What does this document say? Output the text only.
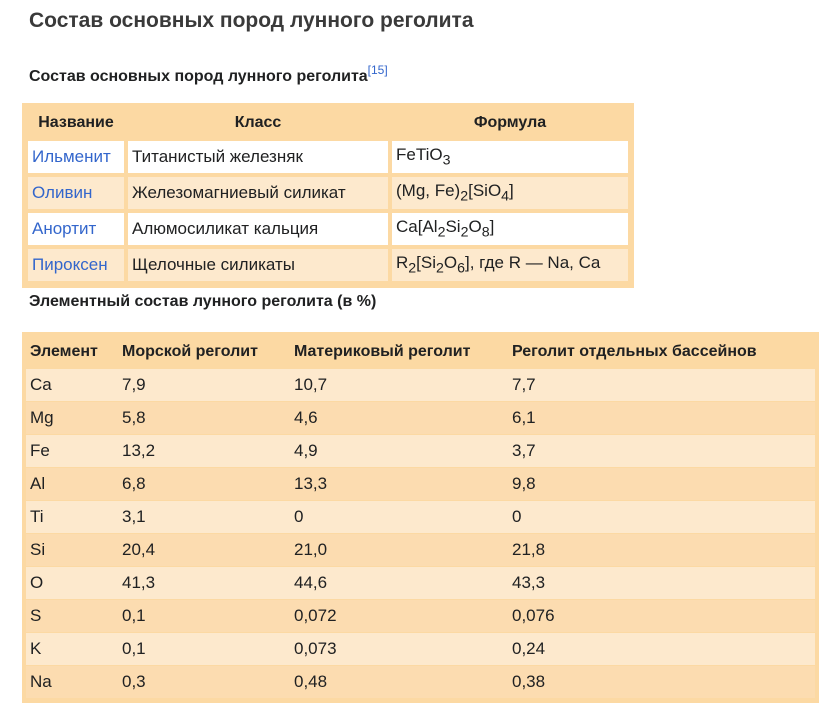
Состав основных пород лунного реголита

Состав основных пород лунного реголита[15]

Название	Класс	Формула
Ильменит	Титанистый железняк	FeTiO$_3$
Оливин	Железомагниевый силикат	(Mg, $Fe)_2[SiO_4]$
Анортит	Алюмосиликат кальция	$Ca[Al_2Si_2O_8]$
Пироксен	Щелочные силикаты	$R_2[Si_2O_6]$, где R — Na, Ca

Элементный состав лунного реголита (в %)

Элемент	Морской реголит	Материковый реголит	Реголит отдельных бассейнов
Ca	7,9	10,7	7,7
Mg	5,8	4,6	6,1
Fe	13,2	4,9	3,7
Al	6,8	13,3	9,8
Ti	3,1	0	0
Si	20,4	21,0	21,8
O	41,3	44,6	43,3
S	0,1	0,072	0,076
K	0,1	0,073	0,24
Na	0,3	0,48	0,38
